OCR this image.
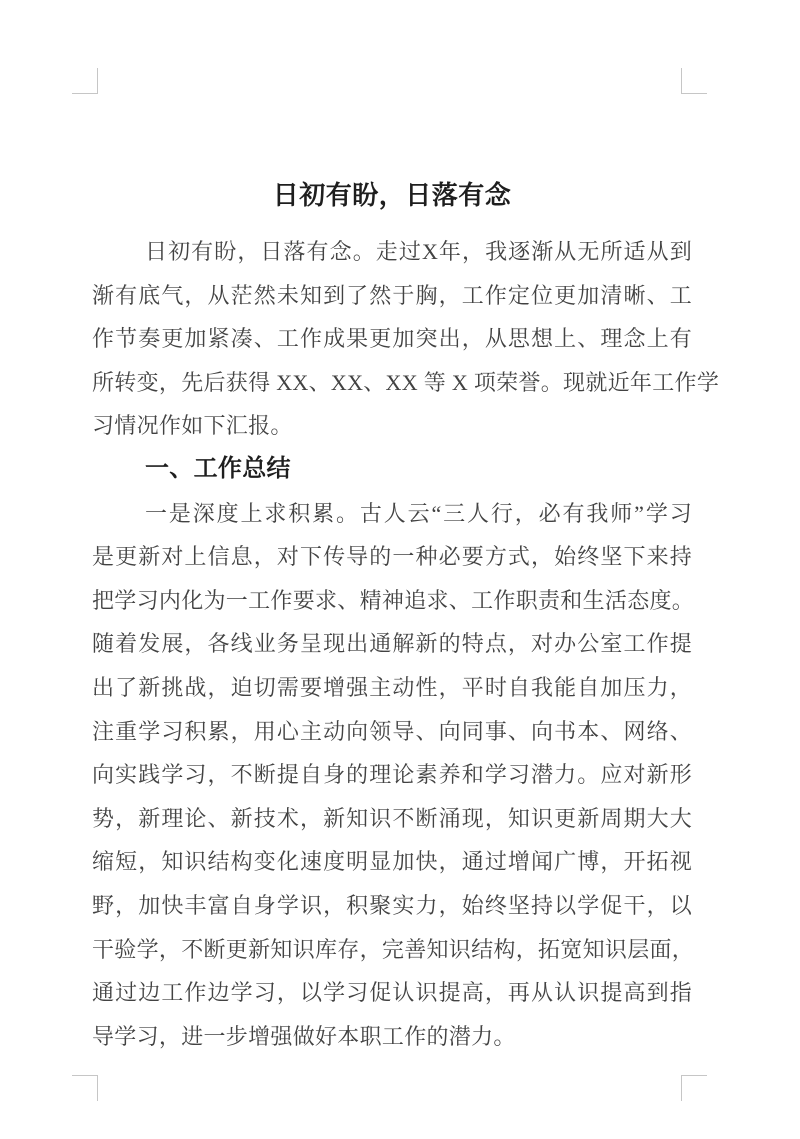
日初有盼，日落有念
日初有盼，日落有念。走过X年，我逐渐从无所适从到
渐有底气，从茫然未知到了然于胸，工作定位更加清晰、工
作节奏更加紧凑、工作成果更加突出，从思想上、理念上有
所转变，先后获得 XX、XX、XX 等 X 项荣誉。现就近年工作学
习情况作如下汇报。
一、工作总结
一是深度上求积累。古人云“三人行，必有我师”学习
是更新对上信息，对下传导的一种必要方式，始终坚下来持
把学习内化为一工作要求、精神追求、工作职责和生活态度。
随着发展，各线业务呈现出通解新的特点，对办公室工作提
出了新挑战，迫切需要增强主动性，平时自我能自加压力，
注重学习积累，用心主动向领导、向同事、向书本、网络、
向实践学习，不断提自身的理论素养和学习潜力。应对新形
势，新理论、新技术，新知识不断涌现，知识更新周期大大
缩短，知识结构变化速度明显加快，通过增闻广博，开拓视
野，加快丰富自身学识，积聚实力，始终坚持以学促干，以
干验学，不断更新知识库存，完善知识结构，拓宽知识层面，
通过边工作边学习，以学习促认识提高，再从认识提高到指
导学习，进一步增强做好本职工作的潜力。
